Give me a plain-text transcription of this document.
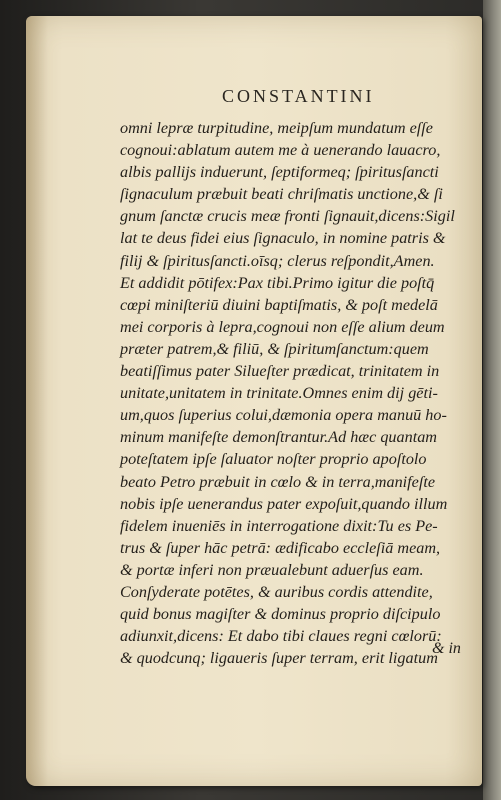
CONSTANTINI
omni lepræ turpitudine, meipſum mundatum eſſe
cognoui:ablatum autem me à uenerando lauacro,
albis pallijs induerunt, ſeptiformeq; ſpiritusſancti
ſignaculum præbuit beati chriſmatis unctione,& ſi
gnum ſanctæ crucis meæ fronti ſignauit,dicens:Sigil
lat te deus fidei eius ſignaculo, in nomine patris &
filij & ſpiritusſancti.oīsq; clerus reſpondit,Amen.
Et addidit pōtifex:Pax tibi.Primo igitur die poſtq̄
cœpi miniſteriū diuini baptiſmatis, & poſt medelā
mei corporis à lepra,cognoui non eſſe alium deum
præter patrem,& filiū, & ſpiritumſanctum:quem
beatiſſimus pater Silueſter prædicat, trinitatem in
unitate,unitatem in trinitate.Omnes enim dij gēti-
um,quos ſuperius colui,dæmonia opera manuū ho-
minum manifeſte demonſtrantur.Ad hæc quantam
poteſtatem ipſe ſaluator noſter proprio apoſtolo
beato Petro præbuit in cœlo & in terra,manifeſte
nobis ipſe uenerandus pater expoſuit,quando illum
fidelem inueniēs in interrogatione dixit:Tu es Pe-
trus & ſuper hāc petrā: ædificabo eccleſiā meam,
& portæ inferi non præualebunt aduerſus eam.
Conſyderate potētes, & auribus cordis attendite,
quid bonus magiſter & dominus proprio diſcipulo
adiunxit,dicens: Et dabo tibi claues regni cœlorū:
& quodcunq; ligaueris ſuper terram, erit ligatum
& in
